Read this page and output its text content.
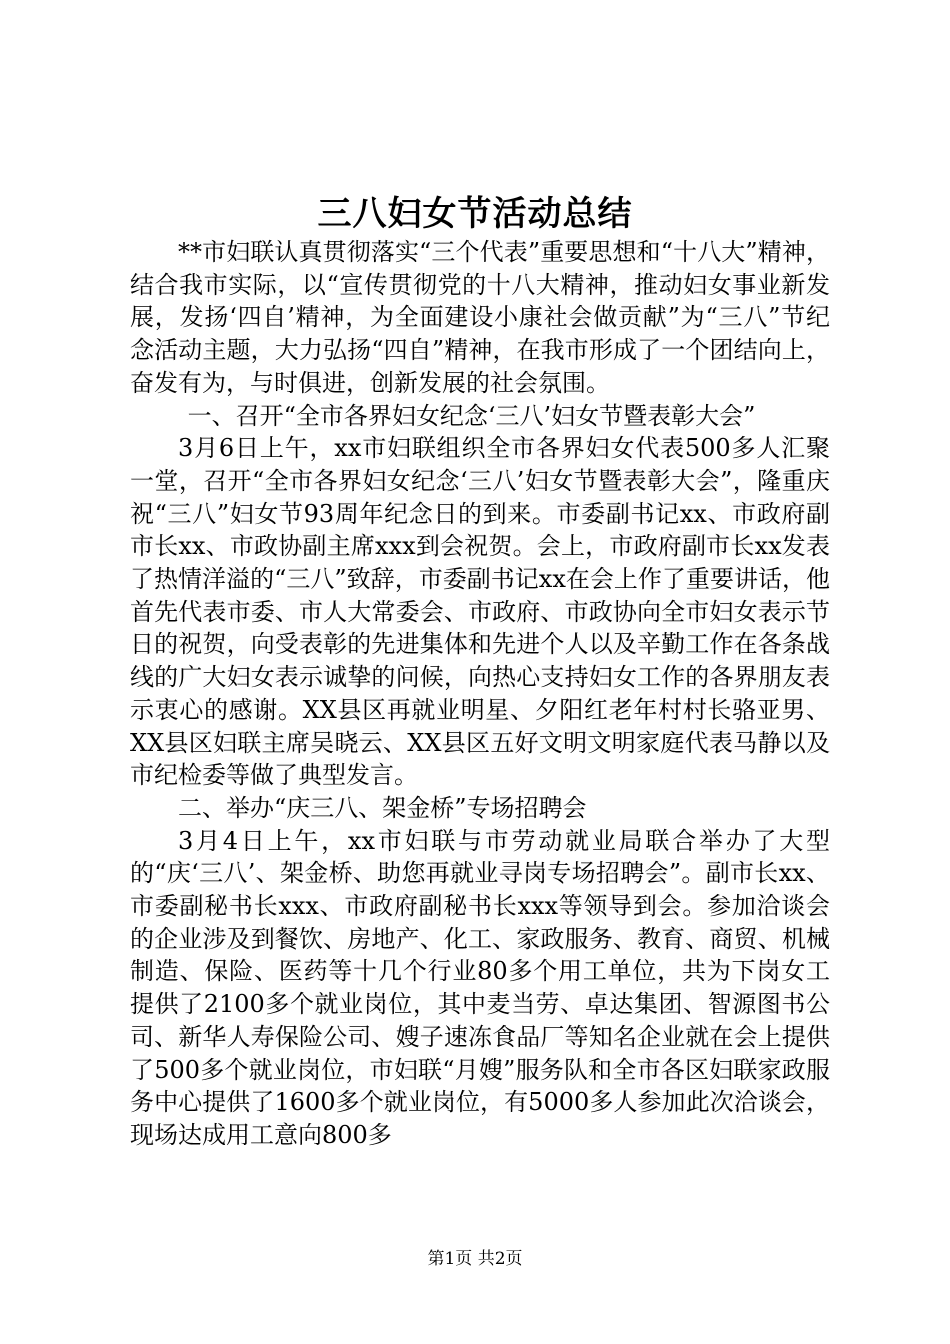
三八妇女节活动总结

**市妇联认真贯彻落实“三个代表”重要思想和“十八大”精神，结合我市实际，以“宣传贯彻党的十八大精神，推动妇女事业新发展，发扬‘四自’精神，为全面建设小康社会做贡献”为“三八”节纪念活动主题，大力弘扬“四自”精神，在我市形成了一个团结向上，奋发有为，与时俱进，创新发展的社会氛围。

一、召开“全市各界妇女纪念‘三八’妇女节暨表彰大会”

3月6日上午，xx市妇联组织全市各界妇女代表500多人汇聚一堂，召开“全市各界妇女纪念‘三八’妇女节暨表彰大会”，隆重庆祝“三八”妇女节93周年纪念日的到来。市委副书记xx、市政府副市长xx、市政协副主席xxx到会祝贺。会上，市政府副市长xx发表了热情洋溢的“三八”致辞，市委副书记xx在会上作了重要讲话，他首先代表市委、市人大常委会、市政府、市政协向全市妇女表示节日的祝贺，向受表彰的先进集体和先进个人以及辛勤工作在各条战线的广大妇女表示诚挚的问候，向热心支持妇女工作的各界朋友表示衷心的感谢。XX县区再就业明星、夕阳红老年村村长骆亚男、XX县区妇联主席吴晓云、XX县区五好文明文明家庭代表马静以及市纪检委等做了典型发言。

二、举办“庆三八、架金桥”专场招聘会

3月4日上午，xx市妇联与市劳动就业局联合举办了大型的“庆‘三八’、架金桥、助您再就业寻岗专场招聘会”。副市长xx、市委副秘书长xxx、市政府副秘书长xxx等领导到会。参加洽谈会的企业涉及到餐饮、房地产、化工、家政服务、教育、商贸、机械制造、保险、医药等十几个行业80多个用工单位，共为下岗女工提供了2100多个就业岗位，其中麦当劳、卓达集团、智源图书公司、新华人寿保险公司、嫂子速冻食品厂等知名企业就在会上提供了500多个就业岗位，市妇联“月嫂”服务队和全市各区妇联家政服务中心提供了1600多个就业岗位，有5000多人参加此次洽谈会，现场达成用工意向800多

第1页 共2页
